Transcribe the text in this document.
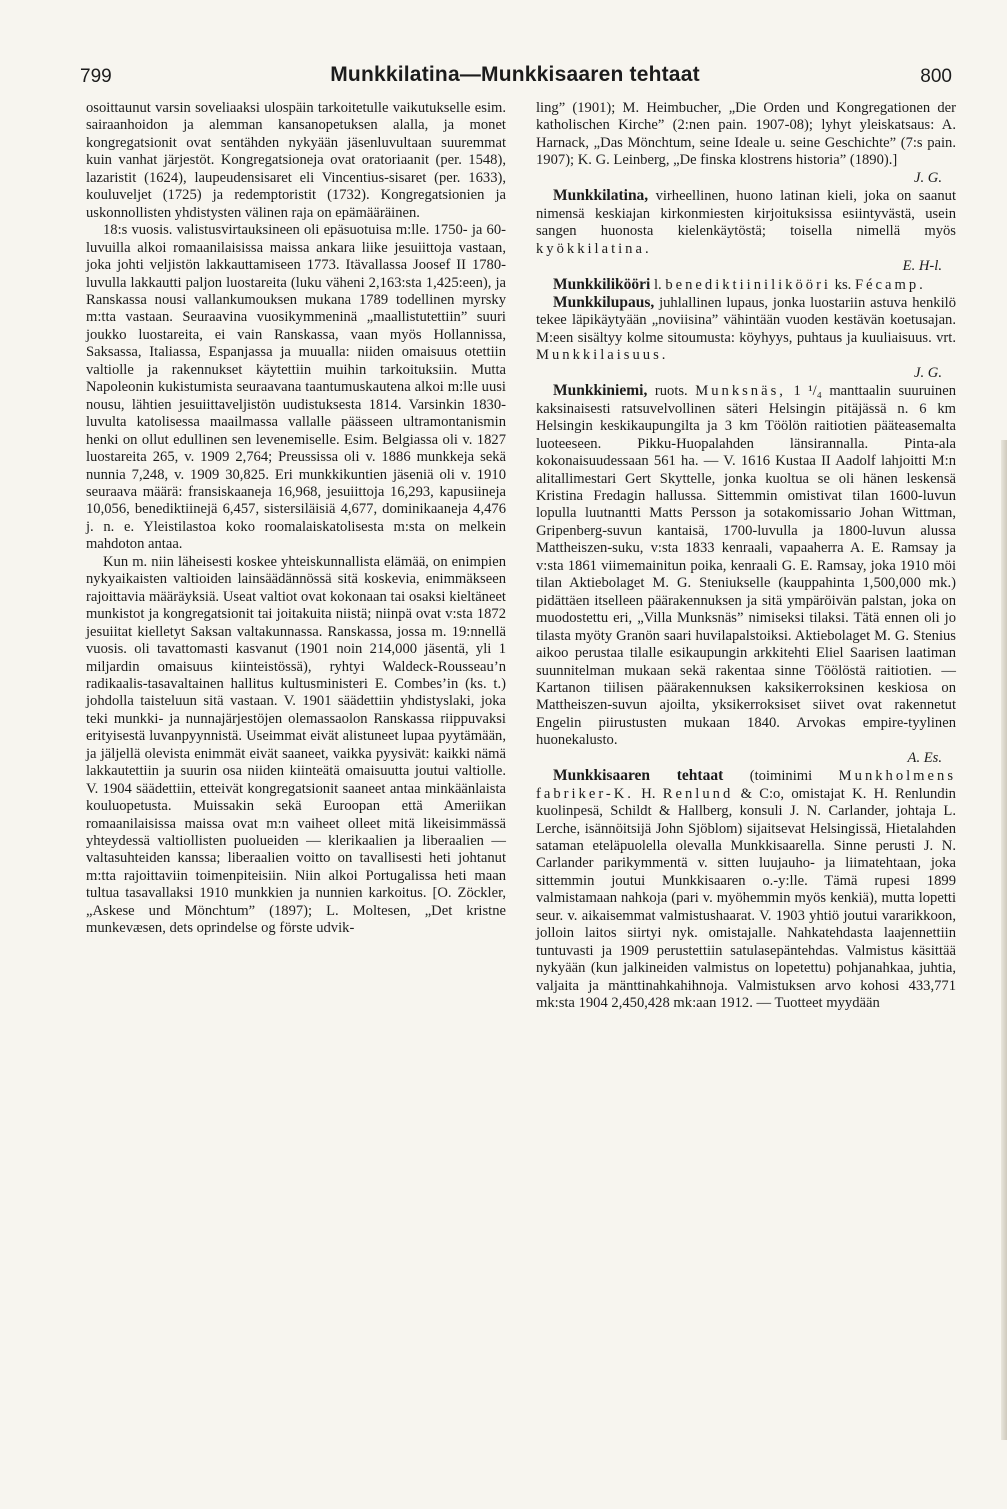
799	Munkkilatina—Munkkisaaren tehtaat	800

osoittaunut varsin soveliaaksi ulospäin tarkoitetulle vaikutukselle esim. sairaanhoidon ja alemman kansanopetuksen alalla, ja monet kongregatsionit ovat sentähden nykyään jäsenluvultaan suuremmat kuin vanhat järjestöt. Kongregatsioneja ovat oratoriaanit (per. 1548), lazaristit (1624), laupeudensisaret eli Vincentius-sisaret (per. 1633), kouluveljet (1725) ja redemptoristit (1732). Kongregatsionien ja uskonnollisten yhdistysten välinen raja on epämääräinen.

18:s vuosis. valistusvirtauksineen oli epäsuotuisa m:lle. 1750- ja 60-luvuilla alkoi romaanilaisissa maissa ankara liike jesuiittoja vastaan, joka johti veljistön lakkauttamiseen 1773. Itävallassa Joosef II 1780-luvulla lakkautti paljon luostareita (luku väheni 2,163:sta 1,425:een), ja Ranskassa nousi vallankumouksen mukana 1789 todellinen myrsky m:tta vastaan. Seuraavina vuosikymmeninä „maallistutettiin” suuri joukko luostareita, ei vain Ranskassa, vaan myös Hollannissa, Saksassa, Italiassa, Espanjassa ja muualla: niiden omaisuus otettiin valtiolle ja rakennukset käytettiin muihin tarkoituksiin. Mutta Napoleonin kukistumista seuraavana taantumuskautena alkoi m:lle uusi nousu, lähtien jesuiittaveljistön uudistuksesta 1814. Varsinkin 1830-luvulta katolisessa maailmassa vallalle päässeen ultramontanismin henki on ollut edullinen sen levenemiselle. Esim. Belgiassa oli v. 1827 luostareita 265, v. 1909 2,764; Preussissa oli v. 1886 munkkeja sekä nunnia 7,248, v. 1909 30,825. Eri munkkikuntien jäseniä oli v. 1910 seuraava määrä: fransiskaaneja 16,968, jesuiittoja 16,293, kapusiineja 10,056, benediktiinejä 6,457, sistersiläisiä 4,677, dominikaaneja 4,476 j. n. e. Yleistilastoa koko roomalaiskatolisesta m:sta on melkein mahdoton antaa.

Kun m. niin läheisesti koskee yhteiskunnallista elämää, on enimpien nykyaikaisten valtioiden lainsäädännössä sitä koskevia, enimmäkseen rajoittavia määräyksiä. Useat valtiot ovat kokonaan tai osaksi kieltäneet munkistot ja kongregatsionit tai joitakuita niistä; niinpä ovat v:sta 1872 jesuiitat kielletyt Saksan valtakunnassa. Ranskassa, jossa m. 19:nnellä vuosis. oli tavattomasti kasvanut (1901 noin 214,000 jäsentä, yli 1 miljardin omaisuus kiinteistössä), ryhtyi Waldeck-Rousseau’n radikaalis-tasavaltainen hallitus kultusministeri E. Combes’in (ks. t.) johdolla taisteluun sitä vastaan. V. 1901 säädettiin yhdistyslaki, joka teki munkki- ja nunnajärjestöjen olemassaolon Ranskassa riippuvaksi erityisestä luvanpyynnistä. Useimmat eivät alistuneet lupaa pyytämään, ja jäljellä olevista enimmät eivät saaneet, vaikka pyysivät: kaikki nämä lakkautettiin ja suurin osa niiden kiinteätä omaisuutta joutui valtiolle. V. 1904 säädettiin, etteivät kongregatsionit saaneet antaa minkäänlaista kouluopetusta. Muissakin sekä Euroopan että Ameriikan romaanilaisissa maissa ovat m:n vaiheet olleet mitä likeisimmässä yhteydessä valtiollisten puolueiden — klerikaalien ja liberaalien — valtasuhteiden kanssa; liberaalien voitto on tavallisesti heti johtanut m:tta rajoittaviin toimenpiteisiin. Niin alkoi Portugalissa heti maan tultua tasavallaksi 1910 munkkien ja nunnien karkoitus. [O. Zöckler, „Askese und Mönchtum” (1897); L. Moltesen, „Det kristne munkevæsen, dets oprindelse og förste udvik-

ling” (1901); M. Heimbucher, „Die Orden und Kongregationen der katholischen Kirche” (2:nen pain. 1907-08); lyhyt yleiskatsaus: A. Harnack, „Das Mönchtum, seine Ideale u. seine Geschichte” (7:s pain. 1907); K. G. Leinberg, „De finska klostrens historia” (1890).]

J. G.

Munkkilatina, virheellinen, huono latinan kieli, joka on saanut nimensä keskiajan kirkonmiesten kirjoituksissa esiintyvästä, usein sangen huonosta kielenkäytöstä; toisella nimellä myös kyökkilatina.

E. H-l.

Munkkilikööri l. benediktiinilikööri ks. Fécamp.

Munkkilupaus, juhlallinen lupaus, jonka luostariin astuva henkilö tekee läpikäytyään „noviisina” vähintään vuoden kestävän koetusajan. M:een sisältyy kolme sitoumusta: köyhyys, puhtaus ja kuuliaisuus. vrt. Munkkilaisuus.

J. G.

Munkkiniemi, ruots. Munksnäs, 1 ¹/₄ manttaalin suuruinen kaksinaisesti ratsuvelvollinen säteri Helsingin pitäjässä n. 6 km Helsingin keskikaupungilta ja 3 km Töölön raitiotien pääteasemalta luoteeseen. Pikku-Huopalahden länsirannalla. Pinta-ala kokonaisuudessaan 561 ha. — V. 1616 Kustaa II Aadolf lahjoitti M:n alitallimestari Gert Skyttelle, jonka kuoltua se oli hänen leskensä Kristina Fredagin hallussa. Sittemmin omistivat tilan 1600-luvun lopulla luutnantti Matts Persson ja sotakomissario Johan Wittman, Gripenberg-suvun kantaisä, 1700-luvulla ja 1800-luvun alussa Mattheiszen-suku, v:sta 1833 kenraali, vapaaherra A. E. Ramsay ja v:sta 1861 viimemainitun poika, kenraali G. E. Ramsay, joka 1910 möi tilan Aktiebolaget M. G. Steniukselle (kauppahinta 1,500,000 mk.) pidättäen itselleen päärakennuksen ja sitä ympäröivän palstan, joka on muodostettu eri, „Villa Munksnäs” nimiseksi tilaksi. Tätä ennen oli jo tilasta myöty Granön saari huvilapalstoiksi. Aktiebolaget M. G. Stenius aikoo perustaa tilalle esikaupungin arkkitehti Eliel Saarisen laatiman suunnitelman mukaan sekä rakentaa sinne Töölöstä raitiotien. — Kartanon tiilisen päärakennuksen kaksikerroksinen keskiosa on Mattheiszen-suvun ajoilta, yksikerroksiset siivet ovat rakennetut Engelin piirustusten mukaan 1840. Arvokas empire-tyylinen huonekalusto.

A. Es.

Munkkisaaren tehtaat (toiminimi Munkholmens fabriker-K. H. Renlund & C:o, omistajat K. H. Renlundin kuolinpesä, Schildt & Hallberg, konsuli J. N. Carlander, johtaja L. Lerche, isännöitsijä John Sjöblom) sijaitsevat Helsingissä, Hietalahden sataman eteläpuolella olevalla Munkkisaarella. Sinne perusti J. N. Carlander parikymmentä v. sitten luujauho- ja liimatehtaan, joka sittemmin joutui Munkkisaaren o.-y:lle. Tämä rupesi 1899 valmistamaan nahkoja (pari v. myöhemmin myös kenkiä), mutta lopetti seur. v. aikaisemmat valmistushaarat. V. 1903 yhtiö joutui vararikkoon, jolloin laitos siirtyi nyk. omistajalle. Nahkatehdasta laajennettiin tuntuvasti ja 1909 perustettiin satulasepäntehdas. Valmistus käsittää nykyään (kun jalkineiden valmistus on lopetettu) pohjanahkaa, juhtia, valjaita ja mänttinahkahihnoja. Valmistuksen arvo kohosi 433,771 mk:sta 1904 2,450,428 mk:aan 1912. — Tuotteet myydään
